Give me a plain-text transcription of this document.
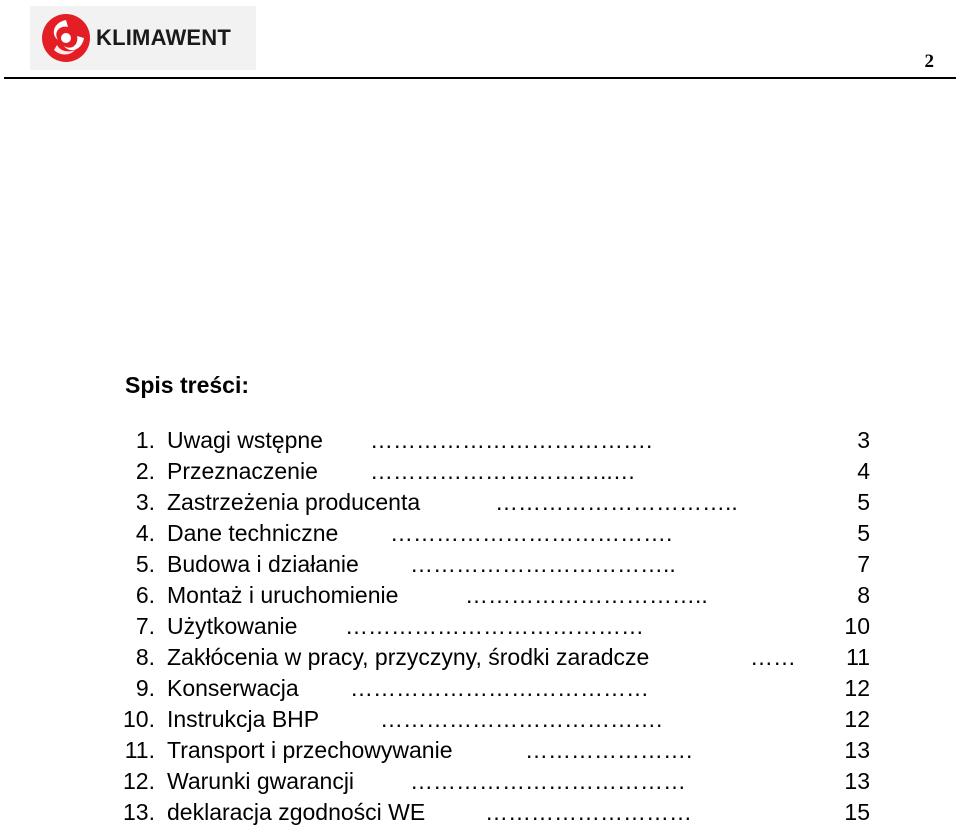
KLIMAWENT
2
Spis treści:
1. Uwagi wstępne ……………………………….	3
2. Przeznaczenie …………………………..…	4
3. Zastrzeżenia producenta	…………………………..	5
4. Dane techniczne ……………………………….	5
5. Budowa i działanie ……………………………..	7
6. Montaż i uruchomienie	…………………………..	8
7. Użytkowanie …………………………………	10
8. Zakłócenia w pracy, przyczyny, środki zaradcze	…… 11
9. Konserwacja …………………………………	12
10. Instrukcja BHP	……………………………….	12
11. Transport i przechowywanie	………………….	13
12. Warunki gwarancji ………………………………	13
13. deklaracja zgodności WE	………………………	15
